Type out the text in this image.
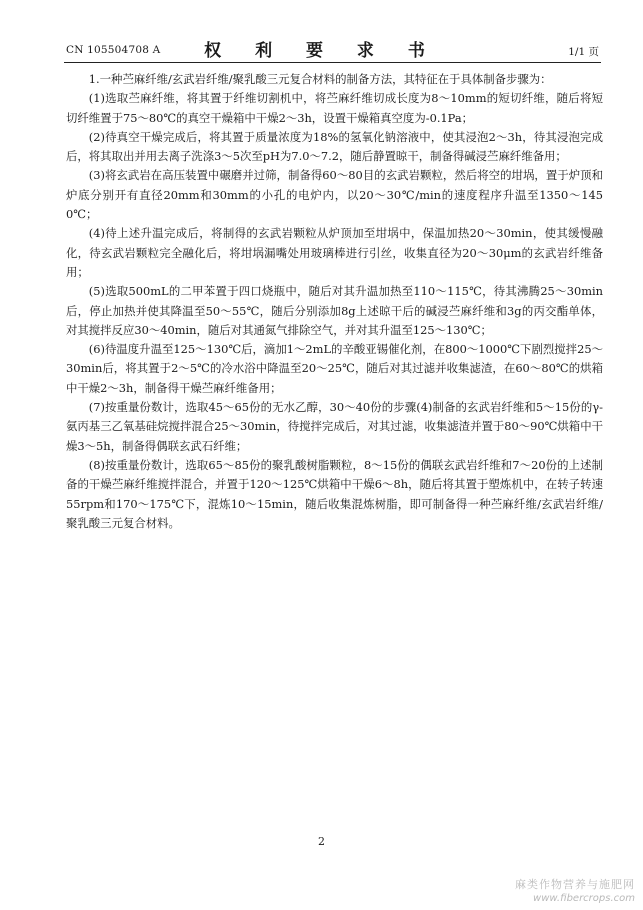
CN 105504708 A	权 利 要 求 书	1/1 页

1.一种苎麻纤维/玄武岩纤维/聚乳酸三元复合材料的制备方法，其特征在于具体制备步骤为：

(1)选取苎麻纤维，将其置于纤维切割机中，将苎麻纤维切成长度为8～10mm的短切纤维，随后将短切纤维置于75～80℃的真空干燥箱中干燥2～3h，设置干燥箱真空度为-0.1Pa；

(2)待真空干燥完成后，将其置于质量浓度为18%的氢氧化钠溶液中，使其浸泡2～3h，待其浸泡完成后，将其取出并用去离子洗涤3～5次至pH为7.0～7.2，随后静置晾干，制备得碱浸苎麻纤维备用；

(3)将玄武岩在高压装置中碾磨并过筛，制备得60～80目的玄武岩颗粒，然后将空的坩埚，置于炉顶和炉底分别开有直径20mm和30mm的小孔的电炉内，以20～30℃/min的速度程序升温至1350～1450℃；

(4)待上述升温完成后，将制得的玄武岩颗粒从炉顶加至坩埚中，保温加热20～30min，使其缓慢融化，待玄武岩颗粒完全融化后，将坩埚漏嘴处用玻璃棒进行引丝，收集直径为20～30μm的玄武岩纤维备用；

(5)选取500mL的二甲苯置于四口烧瓶中，随后对其升温加热至110～115℃，待其沸腾25～30min后，停止加热并使其降温至50～55℃，随后分别添加8g上述晾干后的碱浸苎麻纤维和3g的丙交酯单体，对其搅拌反应30～40min，随后对其通氮气排除空气，并对其升温至125～130℃；

(6)待温度升温至125～130℃后，滴加1～2mL的辛酸亚锡催化剂，在800～1000℃下剧烈搅拌25～30min后，将其置于2～5℃的冷水浴中降温至20～25℃，随后对其过滤并收集滤渣，在60～80℃的烘箱中干燥2～3h，制备得干燥苎麻纤维备用；

(7)按重量份数计，选取45～65份的无水乙醇，30～40份的步骤(4)制备的玄武岩纤维和5～15份的γ-氨丙基三乙氧基硅烷搅拌混合25～30min，待搅拌完成后，对其过滤，收集滤渣并置于80～90℃烘箱中干燥3～5h，制备得偶联玄武石纤维；

(8)按重量份数计，选取65～85份的聚乳酸树脂颗粒，8～15份的偶联玄武岩纤维和7～20份的上述制备的干燥苎麻纤维搅拌混合，并置于120～125℃烘箱中干燥6～8h，随后将其置于塑炼机中，在转子转速55rpm和170～175℃下，混炼10～15min，随后收集混炼树脂，即可制备得一种苎麻纤维/玄武岩纤维/聚乳酸三元复合材料。

2
麻类作物营养与施肥网
www.fibercrops.com
